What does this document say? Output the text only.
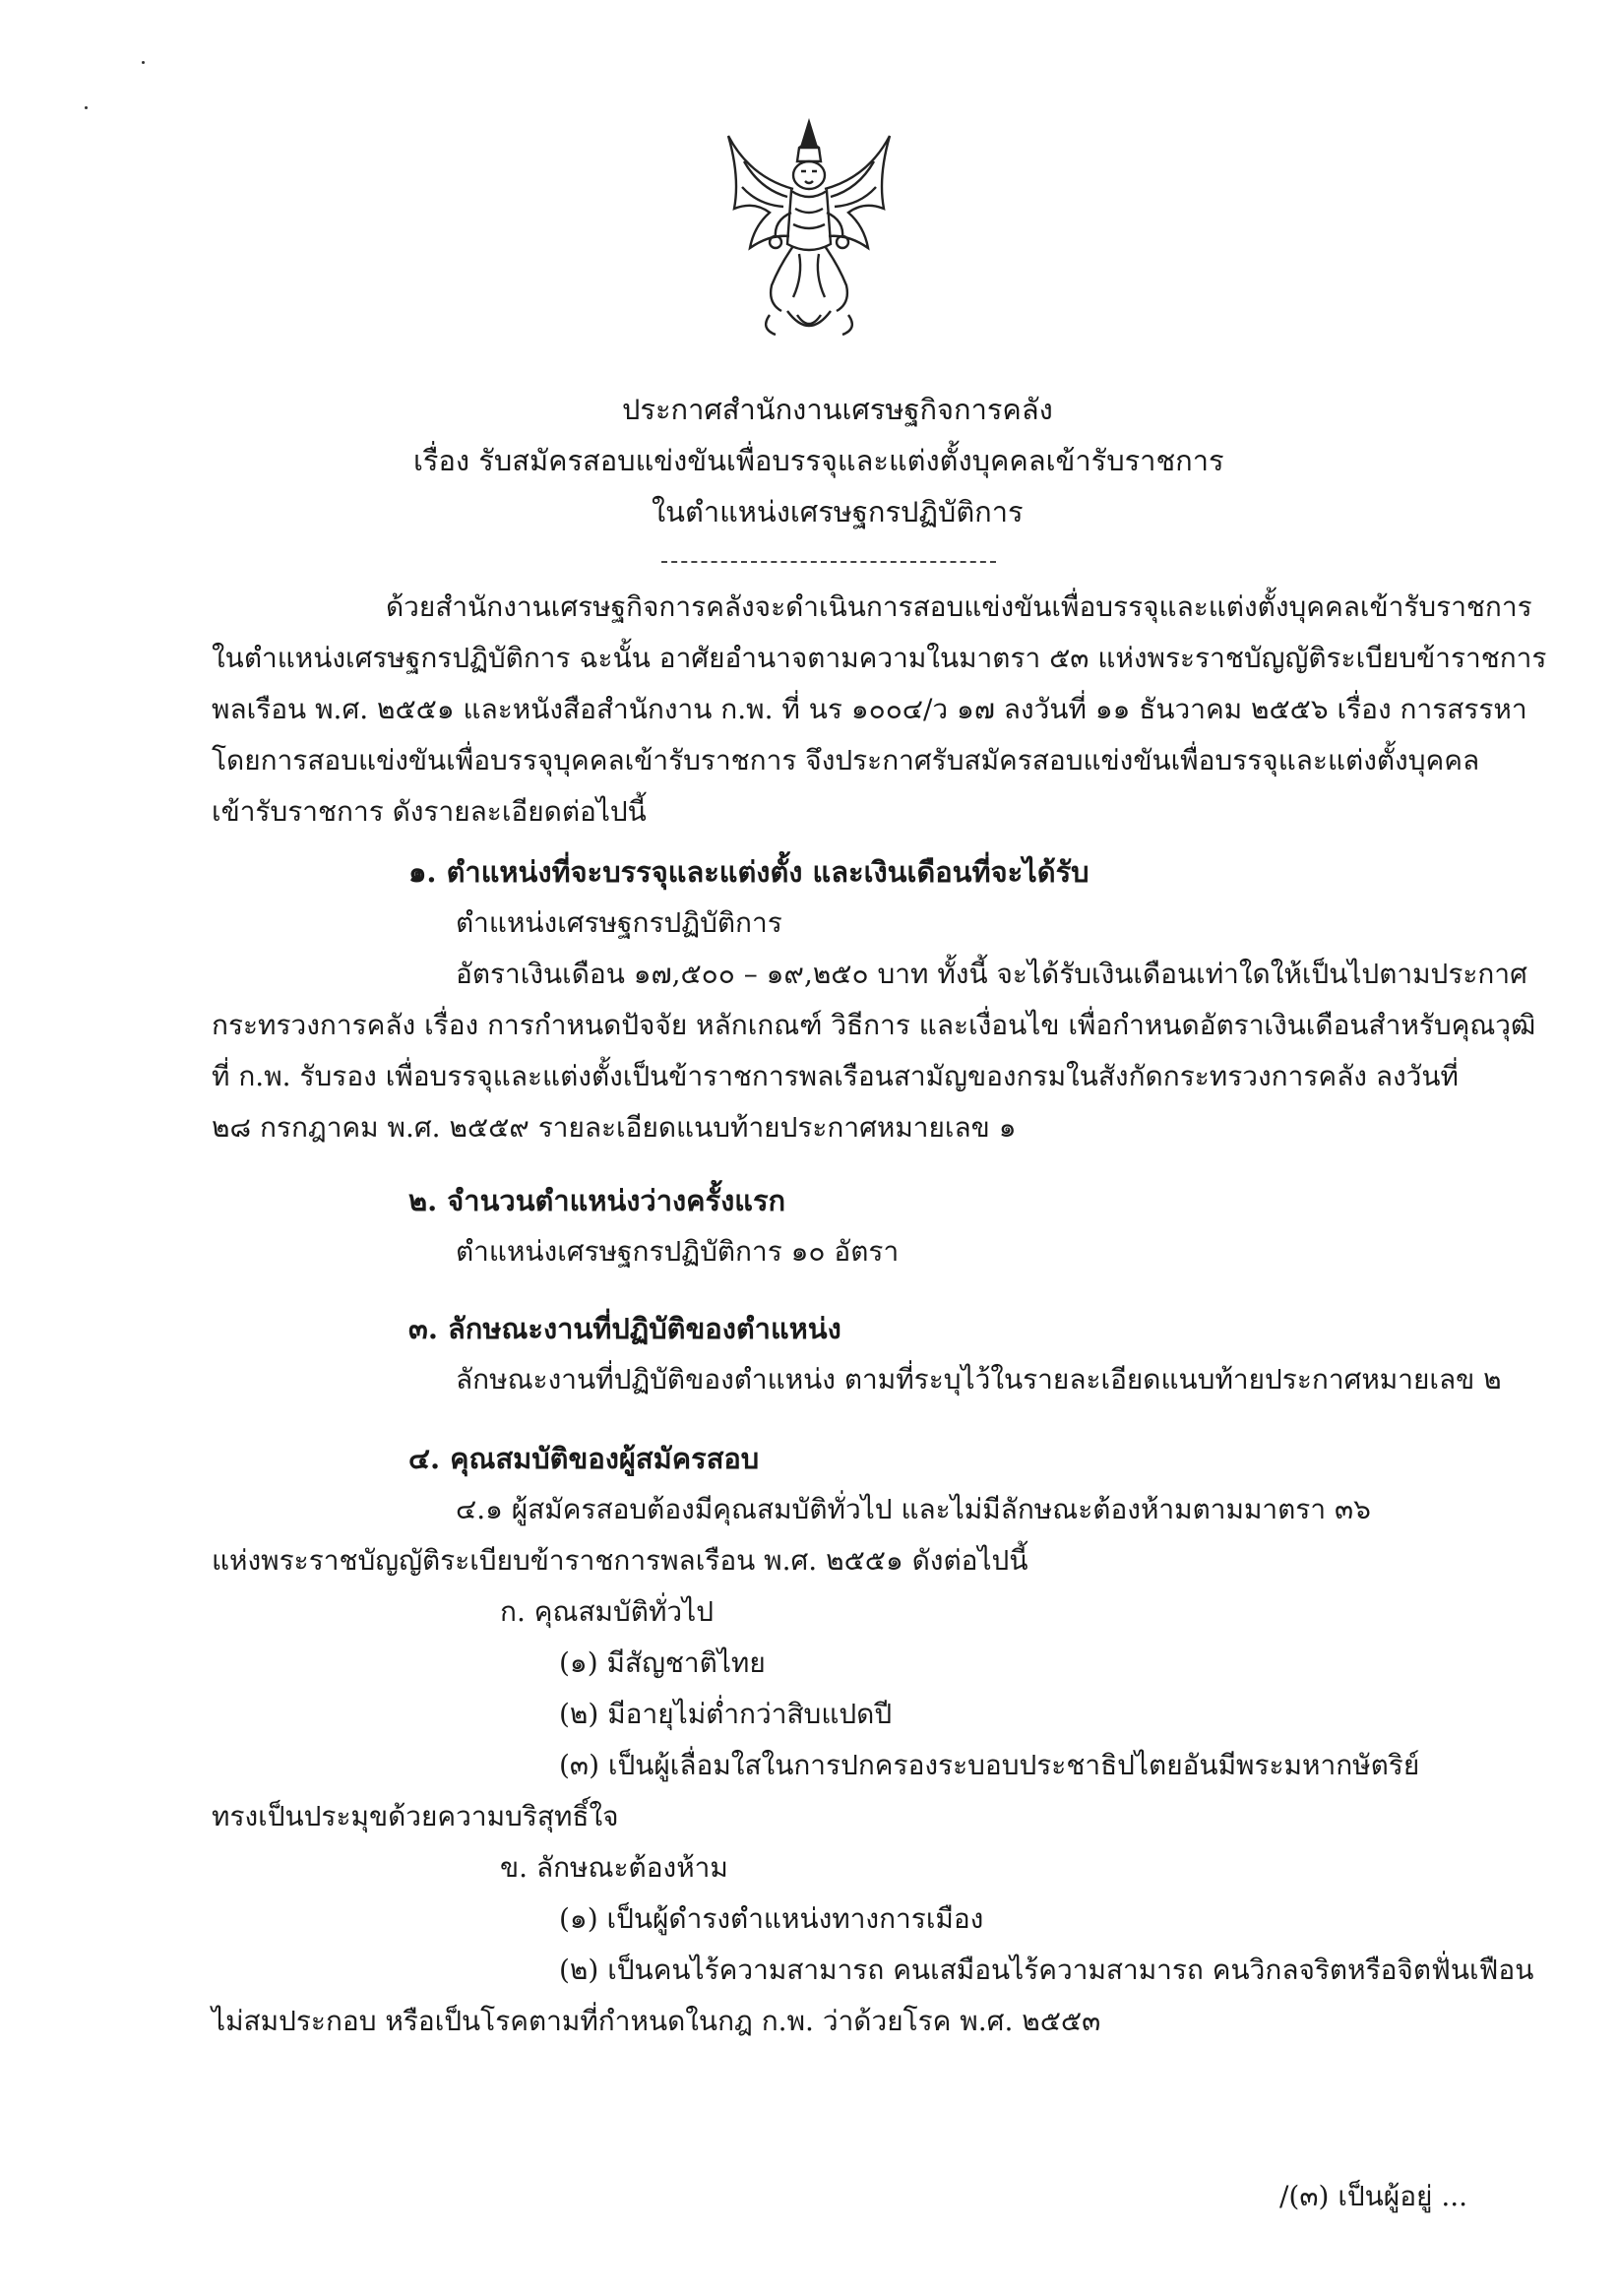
ประกาศสำนักงานเศรษฐกิจการคลัง
เรื่อง รับสมัครสอบแข่งขันเพื่อบรรจุและแต่งตั้งบุคคลเข้ารับราชการ
ในตำแหน่งเศรษฐกรปฏิบัติการ
ด้วยสำนักงานเศรษฐกิจการคลังจะดำเนินการสอบแข่งขันเพื่อบรรจุและแต่งตั้งบุคคลเข้ารับราชการ
ในตำแหน่งเศรษฐกรปฏิบัติการ ฉะนั้น อาศัยอำนาจตามความในมาตรา ๕๓ แห่งพระราชบัญญัติระเบียบข้าราชการ
พลเรือน พ.ศ. ๒๕๕๑ และหนังสือสำนักงาน ก.พ. ที่ นร ๑๐๐๔/ว ๑๗ ลงวันที่ ๑๑ ธันวาคม ๒๕๕๖ เรื่อง การสรรหา
โดยการสอบแข่งขันเพื่อบรรจุบุคคลเข้ารับราชการ จึงประกาศรับสมัครสอบแข่งขันเพื่อบรรจุและแต่งตั้งบุคคล
เข้ารับราชการ ดังรายละเอียดต่อไปนี้
๑. ตำแหน่งที่จะบรรจุและแต่งตั้ง และเงินเดือนที่จะได้รับ
ตำแหน่งเศรษฐกรปฏิบัติการ
อัตราเงินเดือน ๑๗,๕๐๐ – ๑๙,๒๕๐ บาท ทั้งนี้ จะได้รับเงินเดือนเท่าใดให้เป็นไปตามประกาศ
กระทรวงการคลัง เรื่อง การกำหนดปัจจัย หลักเกณฑ์ วิธีการ และเงื่อนไข เพื่อกำหนดอัตราเงินเดือนสำหรับคุณวุฒิ
ที่ ก.พ. รับรอง เพื่อบรรจุและแต่งตั้งเป็นข้าราชการพลเรือนสามัญของกรมในสังกัดกระทรวงการคลัง ลงวันที่
๒๘ กรกฎาคม พ.ศ. ๒๕๕๙ รายละเอียดแนบท้ายประกาศหมายเลข ๑
๒. จำนวนตำแหน่งว่างครั้งแรก
ตำแหน่งเศรษฐกรปฏิบัติการ ๑๐ อัตรา
๓. ลักษณะงานที่ปฏิบัติของตำแหน่ง
ลักษณะงานที่ปฏิบัติของตำแหน่ง ตามที่ระบุไว้ในรายละเอียดแนบท้ายประกาศหมายเลข ๒
๔. คุณสมบัติของผู้สมัครสอบ
๔.๑ ผู้สมัครสอบต้องมีคุณสมบัติทั่วไป และไม่มีลักษณะต้องห้ามตามมาตรา ๓๖
แห่งพระราชบัญญัติระเบียบข้าราชการพลเรือน พ.ศ. ๒๕๕๑ ดังต่อไปนี้
ก. คุณสมบัติทั่วไป
(๑) มีสัญชาติไทย
(๒) มีอายุไม่ต่ำกว่าสิบแปดปี
(๓) เป็นผู้เลื่อมใสในการปกครองระบอบประชาธิปไตยอันมีพระมหากษัตริย์
ทรงเป็นประมุขด้วยความบริสุทธิ์ใจ
ข. ลักษณะต้องห้าม
(๑) เป็นผู้ดำรงตำแหน่งทางการเมือง
(๒) เป็นคนไร้ความสามารถ คนเสมือนไร้ความสามารถ คนวิกลจริตหรือจิตฟั่นเฟือน
ไม่สมประกอบ หรือเป็นโรคตามที่กำหนดในกฎ ก.พ. ว่าด้วยโรค พ.ศ. ๒๕๕๓
/(๓) เป็นผู้อยู่ ...
